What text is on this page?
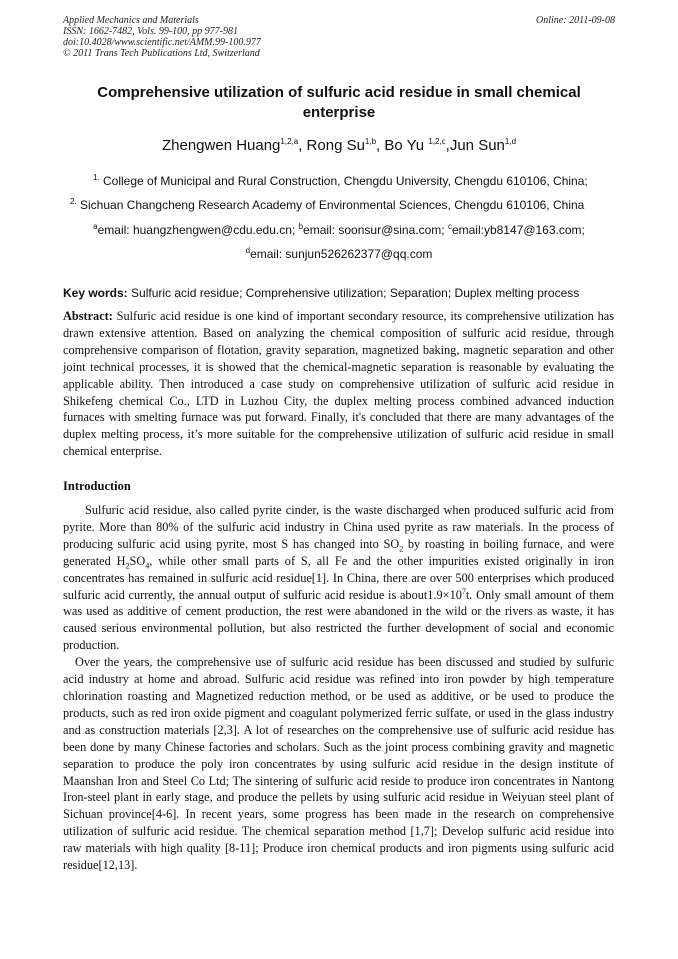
Applied Mechanics and Materials
ISSN: 1662-7482, Vols. 99-100, pp 977-981
doi:10.4028/www.scientific.net/AMM.99-100.977
© 2011 Trans Tech Publications Ltd, Switzerland
Online: 2011-09-08
Comprehensive utilization of sulfuric acid residue in small chemical enterprise
Zhengwen Huang$^{1,2,a}$, Rong Su$^{1,b}$, Bo Yu $^{1,2,c}$,Jun Sun$^{1,d}$
$^{1.}$ College of Municipal and Rural Construction, Chengdu University, Chengdu 610106, China;
$^{2.}$ Sichuan Changcheng Research Academy of Environmental Sciences, Chengdu 610106, China
$^a$email: huangzhengwen@cdu.edu.cn; $^b$email: soonsur@sina.com; $^c$email:yb8147@163.com;
$^d$email: sunjun526262377@qq.com
Key words: Sulfuric acid residue; Comprehensive utilization; Separation; Duplex melting process
Abstract: Sulfuric acid residue is one kind of important secondary resource, its comprehensive utilization has drawn extensive attention. Based on analyzing the chemical composition of sulfuric acid residue, through comprehensive comparison of flotation, gravity separation, magnetized baking, magnetic separation and other joint technical processes, it is showed that the chemical-magnetic separation is reasonable by evaluating the applicable ability. Then introduced a case study on comprehensive utilization of sulfuric acid residue in Shikefeng chemical Co., LTD in Luzhou City, the duplex melting process combined advanced induction furnaces with smelting furnace was put forward. Finally, it's concluded that there are many advantages of the duplex melting process, it’s more suitable for the comprehensive utilization of sulfuric acid residue in small chemical enterprise.
Introduction

Sulfuric acid residue, also called pyrite cinder, is the waste discharged when produced sulfuric acid from pyrite. More than 80% of the sulfuric acid industry in China used pyrite as raw materials. In the process of producing sulfuric acid using pyrite, most S has changed into $SO_2$ by roasting in boiling furnace, and were generated $H_2SO_4$, while other small parts of S, all Fe and the other impurities existed originally in iron concentrates has remained in sulfuric acid residue[1]. In China, there are over 500 enterprises which produced sulfuric acid currently, the annual output of sulfuric acid residue is $about1.9\times 10^7t$. Only small amount of them was used as additive of cement production, the rest were abandoned in the wild or the rivers as waste, it has caused serious environmental pollution, but also restricted the further development of social and economic production.

Over the years, the comprehensive use of sulfuric acid residue has been discussed and studied by sulfuric acid industry at home and abroad. Sulfuric acid residue was refined into iron powder by high temperature chlorination roasting and Magnetized reduction method, or be used as additive, or be used to produce the products, such as red iron oxide pigment and coagulant polymerized ferric sulfate, or used in the glass industry and as construction materials [2,3]. A lot of researches on the comprehensive use of sulfuric acid residue has been done by many Chinese factories and scholars. Such as the joint process combining gravity and magnetic separation to produce the poly iron concentrates by using sulfuric acid residue in the design institute of Maanshan Iron and Steel Co Ltd; The sintering of sulfuric acid reside to produce iron concentrates in Nantong Iron-steel plant in early stage, and produce the pellets by using sulfuric acid residue in Weiyuan steel plant of Sichuan province[4-6]. In recent years, some progress has been made in the research on comprehensive utilization of sulfuric acid residue. The chemical separation method [1,7]; Develop sulfuric acid residue into raw materials with high quality [8-11]; Produce iron chemical products and iron pigments using sulfuric acid residue[12,13].
